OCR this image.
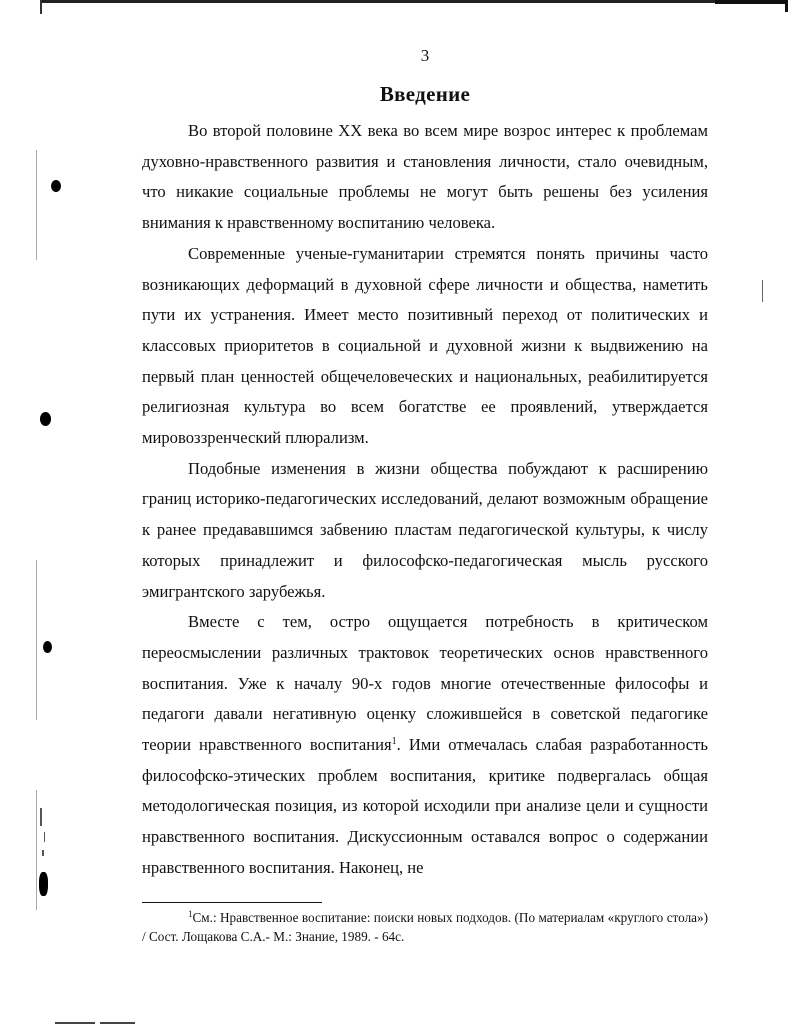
3
Введение

Во второй половине XX века во всем мире возрос интерес к проблемам духовно-нравственного развития и становления личности, стало очевидным, что никакие социальные проблемы не могут быть решены без усиления внимания к нравственному воспитанию человека.

Современные ученые-гуманитарии стремятся понять причины часто возникающих деформаций в духовной сфере личности и общества, наметить пути их устранения. Имеет место позитивный переход от политических и классовых приоритетов в социальной и духовной жизни к выдвижению на первый план ценностей общечеловеческих и национальных, реабилитируется религиозная культура во всем богатстве ее проявлений, утверждается мировоззренческий плюрализм.

Подобные изменения в жизни общества побуждают к расширению границ историко-педагогических исследований, делают возможным обращение к ранее предававшимся забвению пластам педагогической культуры, к числу которых принадлежит и философско-педагогическая мысль русского эмигрантского зарубежья.

Вместе с тем, остро ощущается потребность в критическом переосмыслении различных трактовок теоретических основ нравственного воспитания. Уже к началу 90-х годов многие отечественные философы и педагоги давали негативную оценку сложившейся в советской педагогике теории нравственного воспитания$^1$. Ими отмечалась слабая разработанность философско-этических проблем воспитания, критике подвергалась общая методологическая позиция, из которой исходили при анализе цели и сущности нравственного воспитания. Дискуссионным оставался вопрос о содержании нравственного воспитания. Наконец, не

$^1$См.: Нравственное воспитание: поиски новых подходов. (По материалам «круглого стола») / Сост. Лощакова С.А.- М.: Знание, 1989. - 64с.
